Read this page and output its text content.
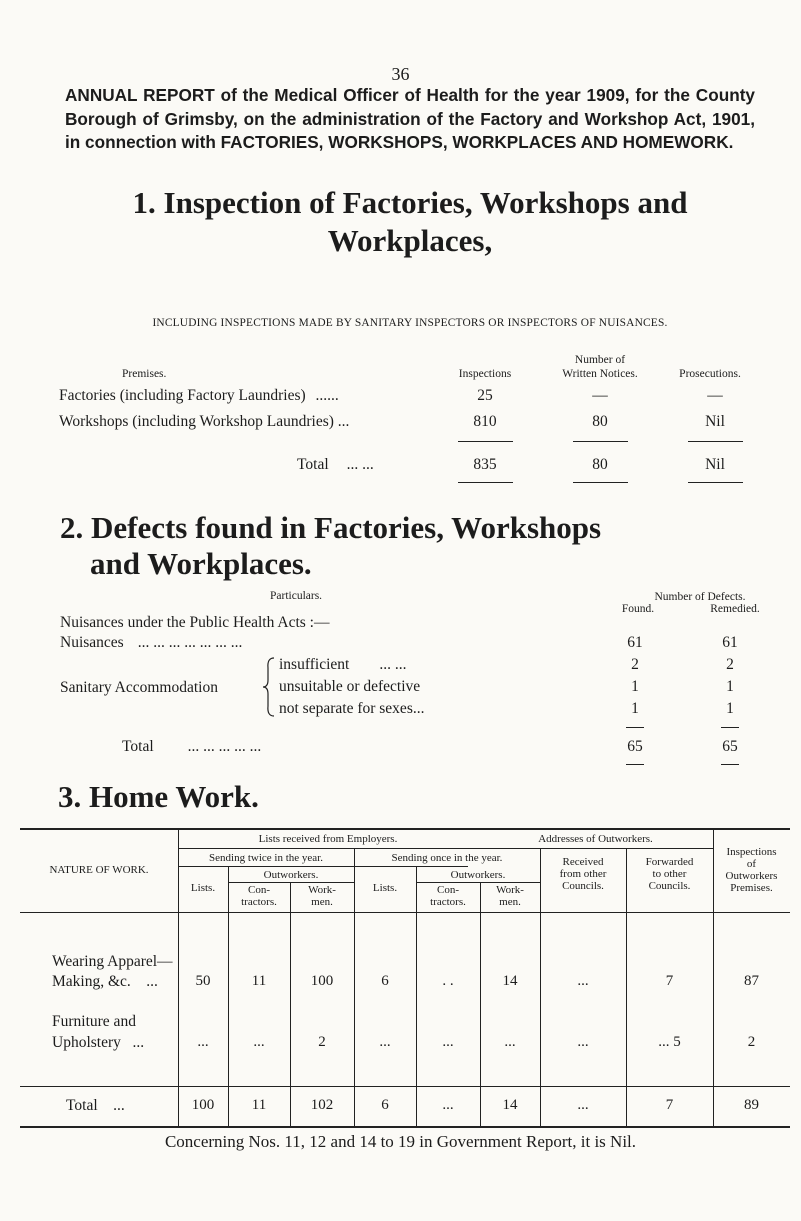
36
ANNUAL REPORT of the Medical Officer of Health for the year 1909, for the County Borough of Grimsby, on the administration of the Factory and Workshop Act, 1901, in connection with FACTORIES, WORKSHOPS, WORKPLACES AND HOMEWORK.
1. Inspection of Factories, Workshops and
Workplaces,
INCLUDING INSPECTIONS MADE BY SANITARY INSPECTORS OR INSPECTORS OF NUISANCES.
Premises.	Inspections
Number of
Written Notices.	Prosecutions.
Factories (including Factory Laundries) ......	25	—	—
Workshops (including Workshop Laundries) ...	810	80	Nil
Total ... ...	835	80	Nil
2. Defects found in Factories, Workshops
and Workplaces.
Particulars.	Number of Defects.
Found.	Remedied.
Nuisances under the Public Health Acts :—
Nuisances ... ... ... ... ... ... ...	61	61
Sanitary Accommodation
insufficient ... ...	2	2
unsuitable or defective	1	1
not separate for sexes...	1	1
Total ... ... ... ... ...	65	65
3. Home Work.
NATURE OF WORK.
Lists received from Employers.
Sending twice in the year.	Sending once in the year.
Lists.
Outworkers.
Con-
tractors.
Work-
men.
Lists.
Outworkers.
Con-
tractors.
Work-
men.
Addresses of Outworkers.
Received
from other
Councils.
Forwarded
to other
Councils.
Inspections
of
Outworkers
Premises.
Wearing Apparel—
Making, &c.    ...	50	11	100	6	. .	14	...	7	87
Furniture and
Upholstery   ...	...	...	2	...	...	...	...	... 5	2
Total    ...	100	11	102	6	...	14	...	7	89
Concerning Nos. 11, 12 and 14 to 19 in Government Report, it is Nil.
